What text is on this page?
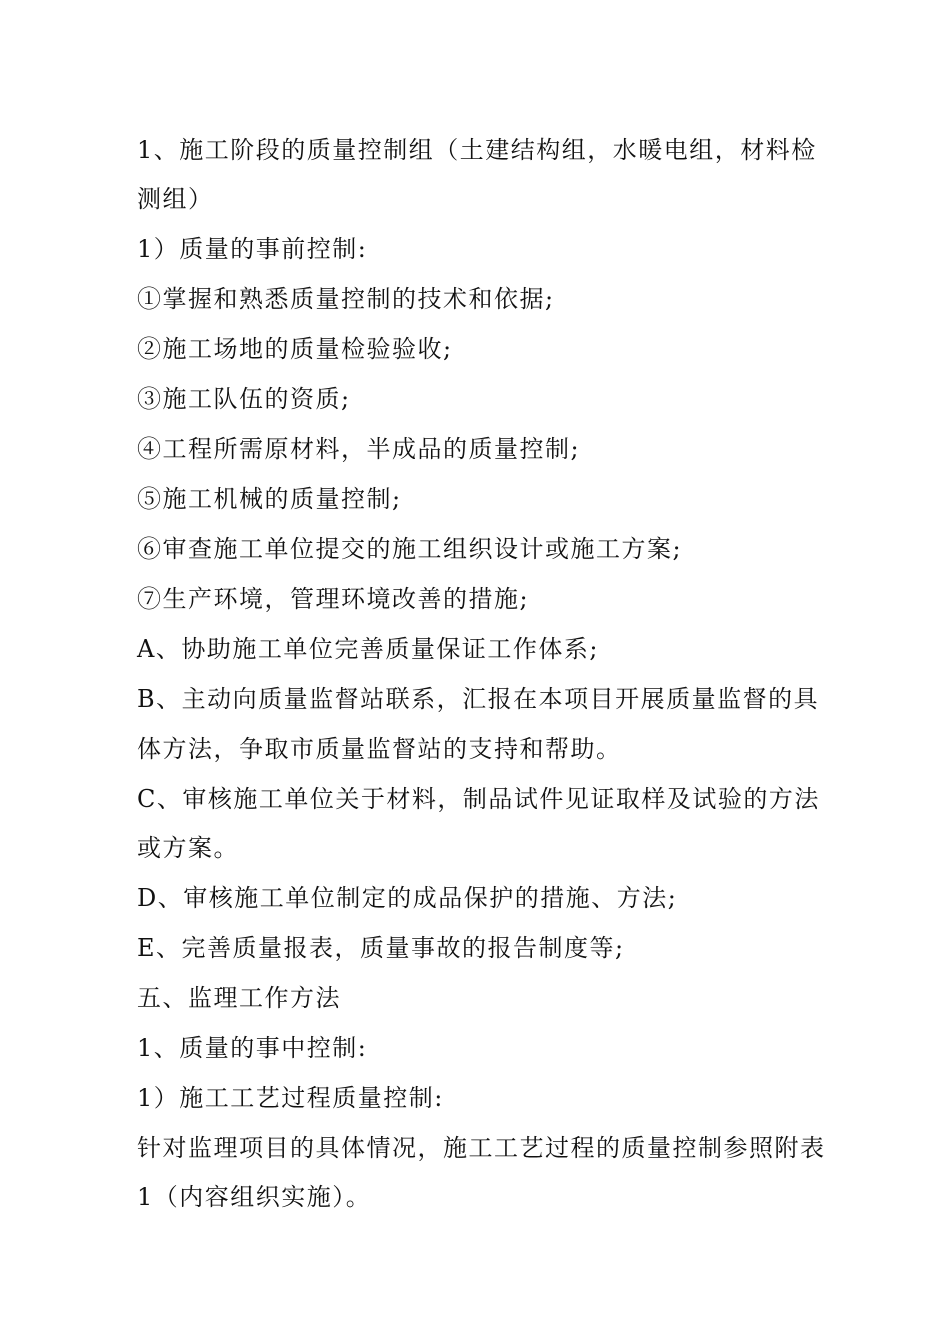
1、施工阶段的质量控制组（土建结构组，水暖电组，材料检
测组）
1）质量的事前控制:
①掌握和熟悉质量控制的技术和依据;
②施工场地的质量检验验收;
③施工队伍的资质;
④工程所需原材料，半成品的质量控制;
⑤施工机械的质量控制;
⑥审查施工单位提交的施工组织设计或施工方案;
⑦生产环境，管理环境改善的措施;
A、协助施工单位完善质量保证工作体系;
B、主动向质量监督站联系，汇报在本项目开展质量监督的具
体方法，争取市质量监督站的支持和帮助。
C、审核施工单位关于材料，制品试件见证取样及试验的方法
或方案。
D、审核施工单位制定的成品保护的措施、方法;
E、完善质量报表，质量事故的报告制度等;
五、监理工作方法
1、质量的事中控制:
1）施工工艺过程质量控制:
针对监理项目的具体情况，施工工艺过程的质量控制参照附表
1（内容组织实施）。
